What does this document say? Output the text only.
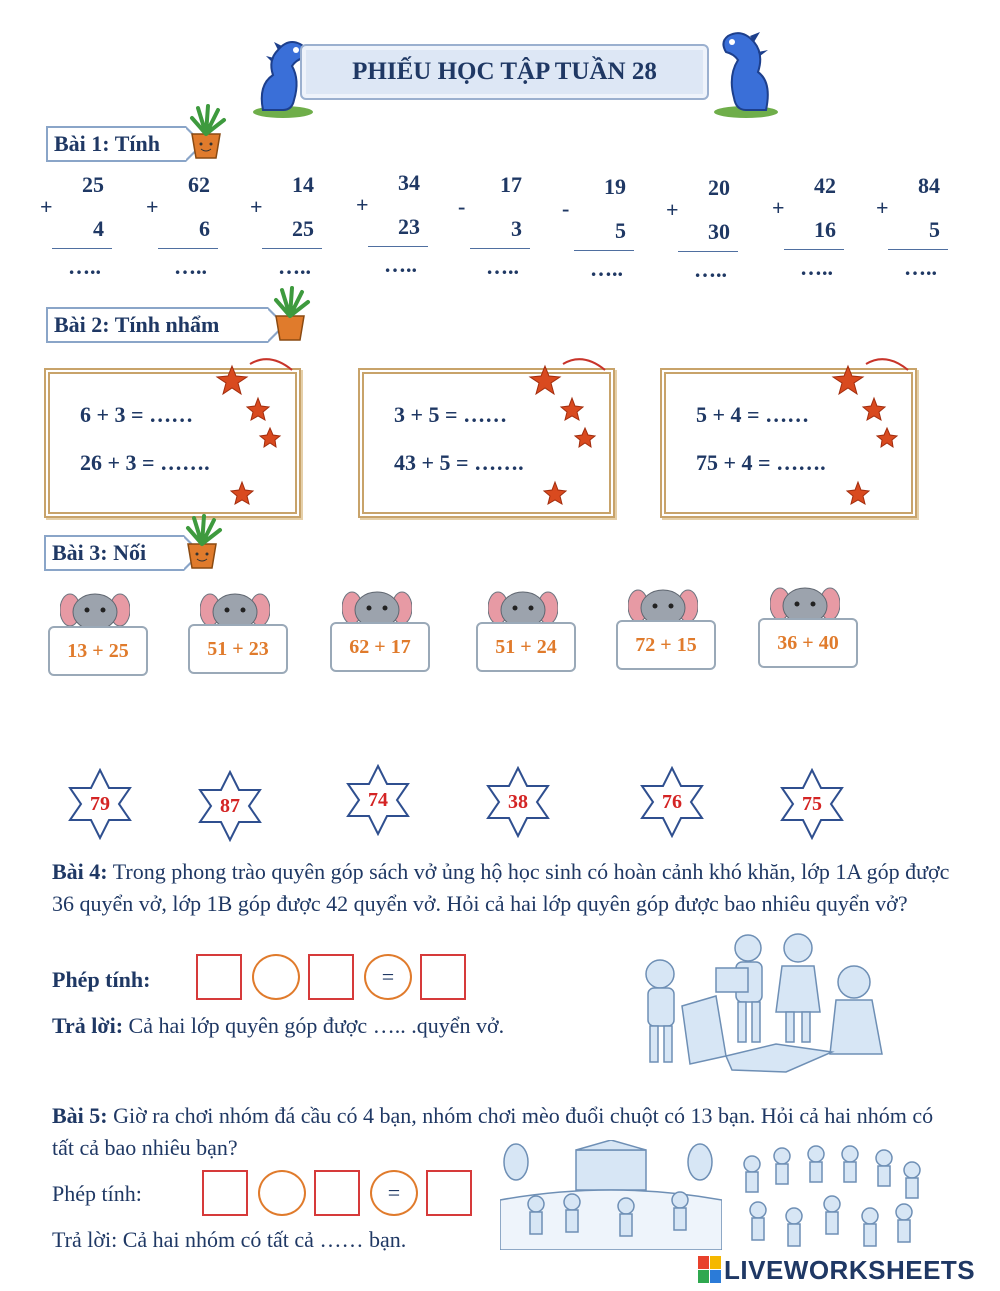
PHIẾU HỌC TẬP TUẦN 28
Bài 1: Tính
25
+
4
…..
62
+
6
…..
14
+
25
…..
34
+
23
…..
17
-
3
…..
19
-
5
…..
20
+
30
…..
42
+
16
…..
84
+
5
…..
Bài 2: Tính nhẩm
6 + 3 = ……
26 + 3 = …….
3 + 5 = ……
43 + 5 = …….
5 + 4 = ……
75 + 4 = …….
Bài 3: Nối
13 + 25	51 + 23	62 + 17	51 + 24	72 + 15	36 + 40
79	87	74	38	76	75
Bài 4: Trong phong trào quyên góp sách vở ủng hộ học sinh có hoàn cảnh khó khăn, lớp 1A góp được 36 quyển vở, lớp 1B góp được 42 quyển vở. Hỏi cả hai lớp quyên góp được bao nhiêu quyển vở?
Phép tính:	=
Trả lời: Cả hai lớp quyên góp được ….. .quyển vở.
Bài 5: Giờ ra chơi nhóm đá cầu có 4 bạn, nhóm chơi mèo đuổi chuột có 13 bạn. Hỏi cả hai nhóm có tất cả bao nhiêu bạn?
Phép tính:	=
Trả lời: Cả hai nhóm có tất cả …… bạn.
LIVEWORKSHEETS
